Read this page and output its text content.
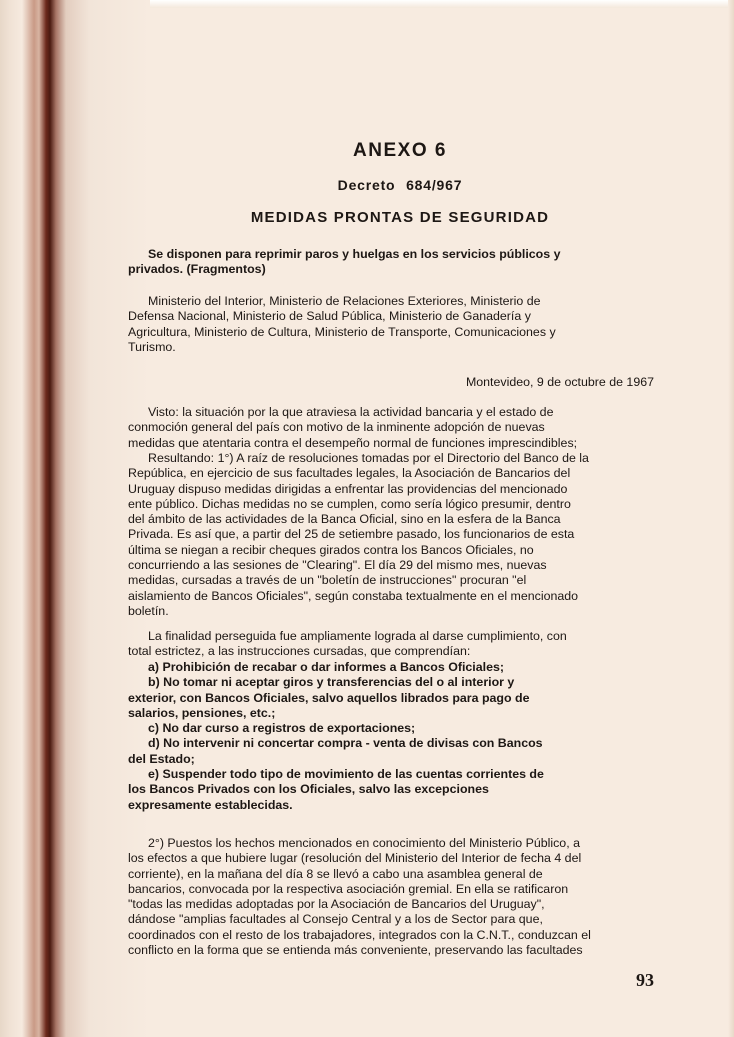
ANEXO 6
Decreto 684/967
MEDIDAS PRONTAS DE SEGURIDAD

Se disponen para reprimir paros y huelgas en los servicios públicos y
privados. (Fragmentos)

Ministerio del Interior, Ministerio de Relaciones Exteriores, Ministerio de
Defensa Nacional, Ministerio de Salud Pública, Ministerio de Ganadería y
Agricultura, Ministerio de Cultura, Ministerio de Transporte, Comunicaciones y
Turismo.

Montevideo, 9 de octubre de 1967

Visto: la situación por la que atraviesa la actividad bancaria y el estado de
conmoción general del país con motivo de la inminente adopción de nuevas
medidas que atentaria contra el desempeño normal de funciones imprescindibles;

Resultando: 1°) A raíz de resoluciones tomadas por el Directorio del Banco de la
República, en ejercicio de sus facultades legales, la Asociación de Bancarios del
Uruguay dispuso medidas dirigidas a enfrentar las providencias del mencionado
ente público. Dichas medidas no se cumplen, como sería lógico presumir, dentro
del ámbito de las actividades de la Banca Oficial, sino en la esfera de la Banca
Privada. Es así que, a partir del 25 de setiembre pasado, los funcionarios de esta
última se niegan a recibir cheques girados contra los Bancos Oficiales, no
concurriendo a las sesiones de "Clearing". El día 29 del mismo mes, nuevas
medidas, cursadas a través de un "boletín de instrucciones" procuran "el
aislamiento de Bancos Oficiales", según constaba textualmente en el mencionado
boletín.

La finalidad perseguida fue ampliamente lograda al darse cumplimiento, con
total estrictez, a las instrucciones cursadas, que comprendían:

a) Prohibición de recabar o dar informes a Bancos Oficiales;
b) No tomar ni aceptar giros y transferencias del o al interior y
exterior, con Bancos Oficiales, salvo aquellos librados para pago de
salarios, pensiones, etc.;
c) No dar curso a registros de exportaciones;
d) No intervenir ni concertar compra - venta de divisas con Bancos
del Estado;
e) Suspender todo tipo de movimiento de las cuentas corrientes de
los Bancos Privados con los Oficiales, salvo las excepciones
expresamente establecidas.

2°) Puestos los hechos mencionados en conocimiento del Ministerio Público, a
los efectos a que hubiere lugar (resolución del Ministerio del Interior de fecha 4 del
corriente), en la mañana del día 8 se llevó a cabo una asamblea general de
bancarios, convocada por la respectiva asociación gremial. En ella se ratificaron
"todas las medidas adoptadas por la Asociación de Bancarios del Uruguay",
dándose "amplias facultades al Consejo Central y a los de Sector para que,
coordinados con el resto de los trabajadores, integrados con la C.N.T., conduzcan el
conflicto en la forma que se entienda más conveniente, preservando las facultades

93
